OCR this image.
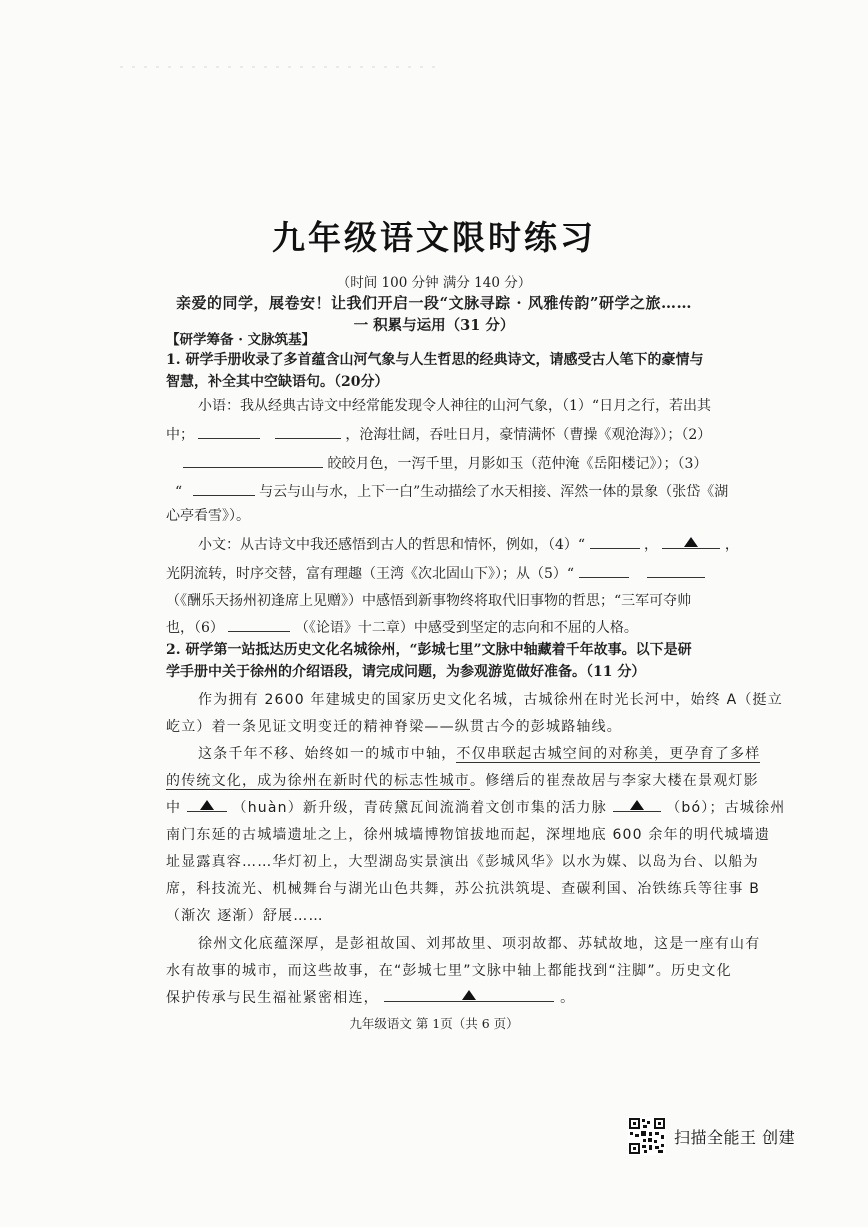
九年级语文限时练习
（时间 100 分钟 满分 140 分）
亲爱的同学，展卷安！让我们开启一段“文脉寻踪 · 风雅传韵”研学之旅……
一 积累与运用（31 分）
【研学筹备 · 文脉筑基】
1. 研学手册收录了多首蕴含山河气象与人生哲思的经典诗文，请感受古人笔下的豪情与
智慧，补全其中空缺语句。（20分）
小语：我从经典古诗文中经常能发现令人神往的山河气象，（1）“日月之行，若出其
中；	，沧海壮阔，吞吐日月，豪情满怀（曹操《观沧海》）；（2）
皎皎月色，一泻千里，月影如玉（范仲淹《岳阳楼记》）；（3）
“	与云与山与水，上下一白”生动描绘了水天相接、浑然一体的景象（张岱《湖
心亭看雪》）。
小文：从古诗文中我还感悟到古人的哲思和情怀，例如，（4）“	，	，
光阴流转，时序交替，富有理趣（王湾《次北固山下》）；从（5）“
（《酬乐天扬州初逢席上见赠》）中感悟到新事物终将取代旧事物的哲思；“三军可夺帅
也，（6）	（《论语》十二章）中感受到坚定的志向和不屈的人格。
2. 研学第一站抵达历史文化名城徐州，“彭城七里”文脉中轴藏着千年故事。以下是研
学手册中关于徐州的介绍语段，请完成问题，为参观游览做好准备。（11 分）
作为拥有 2600 年建城史的国家历史文化名城，古城徐州在时光长河中，始终 A（挺立
屹立）着一条见证文明变迁的精神脊梁——纵贯古今的彭城路轴线。
这条千年不移、始终如一的城市中轴，不仅串联起古城空间的对称美，更孕育了多样
的传统文化，成为徐州在新时代的标志性城市。修缮后的崔焘故居与李家大楼在景观灯影
中	（huàn）新升级，青砖黛瓦间流淌着文创市集的活力脉	（bó）；古城徐州
南门东延的古城墙遗址之上，徐州城墙博物馆拔地而起，深埋地底 600 余年的明代城墙遗
址显露真容……华灯初上，大型湖岛实景演出《彭城风华》以水为媒、以岛为台、以船为
席，科技流光、机械舞台与湖光山色共舞，苏公抗洪筑堤、查碳利国、冶铁练兵等往事 B
（渐次 逐渐）舒展……
徐州文化底蕴深厚，是彭祖故国、刘邦故里、项羽故都、苏轼故地，这是一座有山有
水有故事的城市，而这些故事，在“彭城七里”文脉中轴上都能找到“注脚”。历史文化
保护传承与民生福祉紧密相连，	。
九年级语文 第 1页（共 6 页）
扫描全能王 创建
